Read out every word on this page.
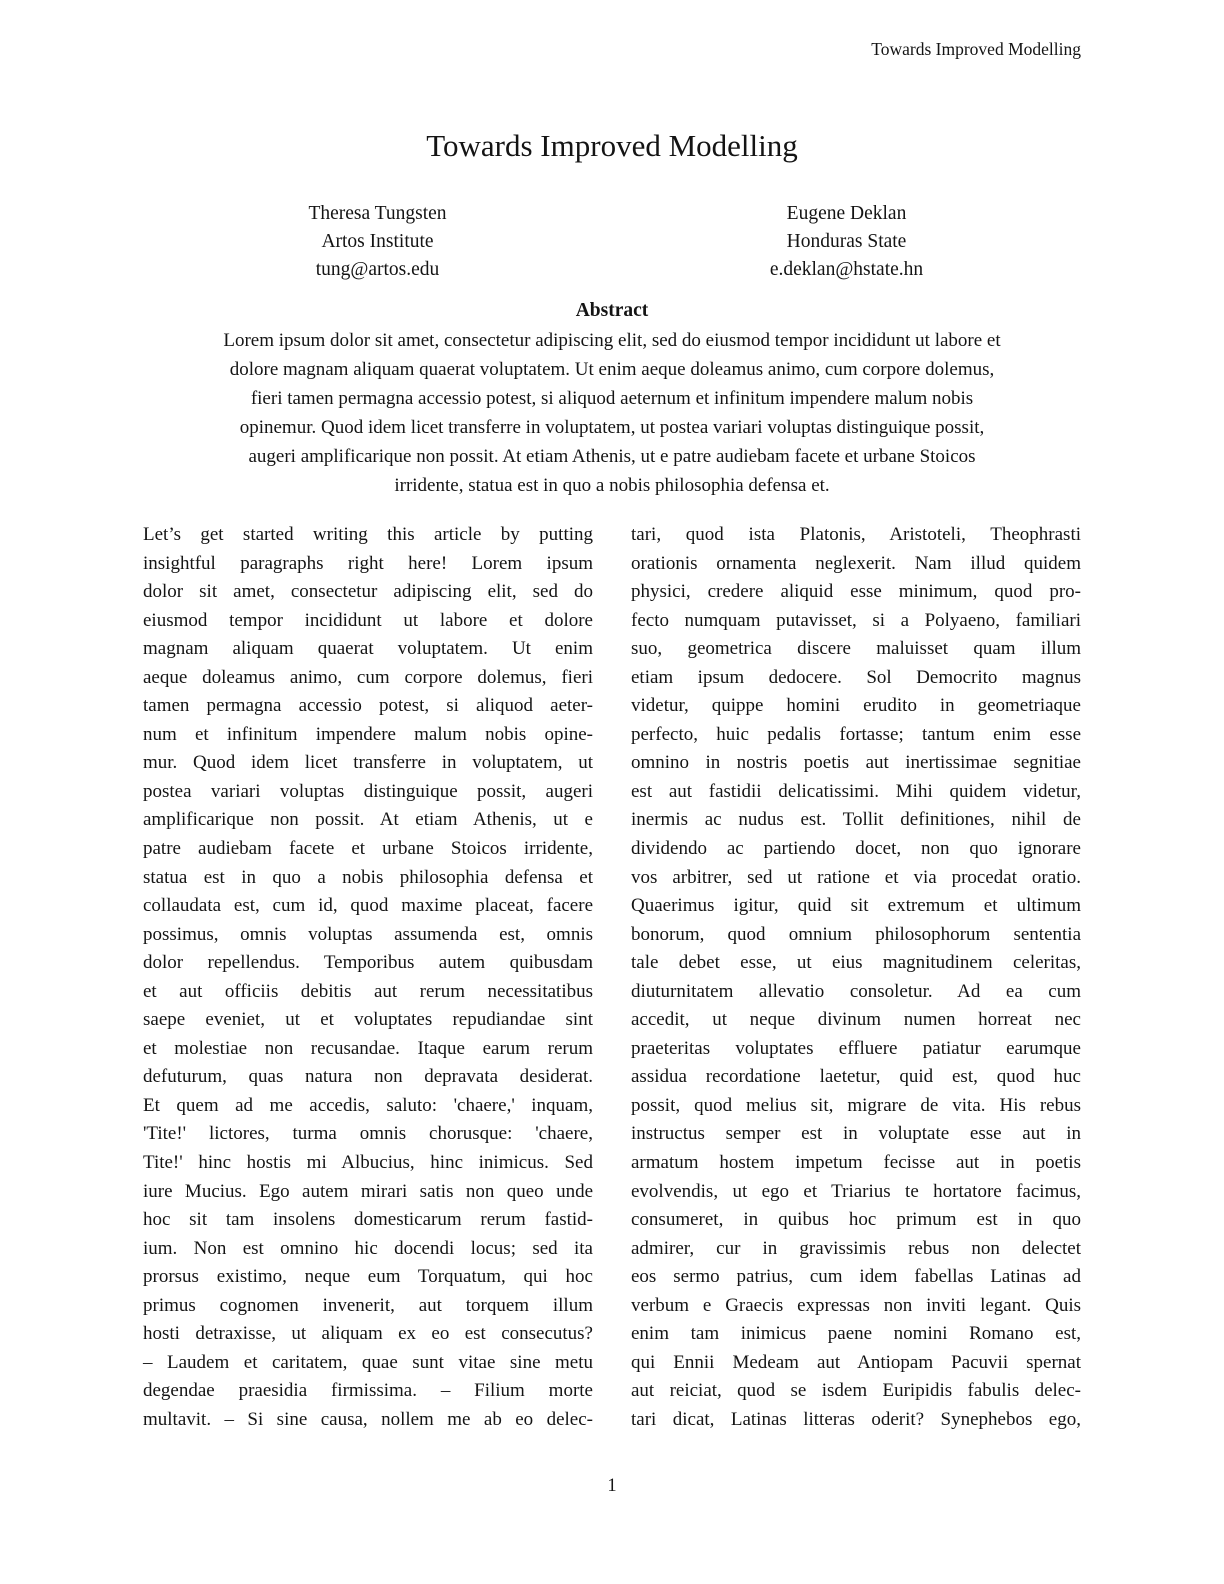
Towards Improved Modelling
Towards Improved Modelling
Theresa Tungsten
Artos Institute
tung@artos.edu
Eugene Deklan
Honduras State
e.deklan@hstate.hn
Abstract
Lorem ipsum dolor sit amet, consectetur adipiscing elit, sed do eiusmod tempor incididunt ut labore et
dolore magnam aliquam quaerat voluptatem. Ut enim aeque doleamus animo, cum corpore dolemus,
fieri tamen permagna accessio potest, si aliquod aeternum et infinitum impendere malum nobis
opinemur. Quod idem licet transferre in voluptatem, ut postea variari voluptas distinguique possit,
augeri amplificarique non possit. At etiam Athenis, ut e patre audiebam facete et urbane Stoicos
irridente, statua est in quo a nobis philosophia defensa et.
Let’s get started writing this article by putting
insightful paragraphs right here! Lorem ipsum
dolor sit amet, consectetur adipiscing elit, sed do
eiusmod tempor incididunt ut labore et dolore
magnam aliquam quaerat voluptatem. Ut enim
aeque doleamus animo, cum corpore dolemus, fieri
tamen permagna accessio potest, si aliquod aeter-
num et infinitum impendere malum nobis opine-
mur. Quod idem licet transferre in voluptatem, ut
postea variari voluptas distinguique possit, augeri
amplificarique non possit. At etiam Athenis, ut e
patre audiebam facete et urbane Stoicos irridente,
statua est in quo a nobis philosophia defensa et
collaudata est, cum id, quod maxime placeat, facere
possimus, omnis voluptas assumenda est, omnis
dolor repellendus. Temporibus autem quibusdam
et aut officiis debitis aut rerum necessitatibus
saepe eveniet, ut et voluptates repudiandae sint
et molestiae non recusandae. Itaque earum rerum
defuturum, quas natura non depravata desiderat.
Et quem ad me accedis, saluto: 'chaere,' inquam,
'Tite!' lictores, turma omnis chorusque: 'chaere,
Tite!' hinc hostis mi Albucius, hinc inimicus. Sed
iure Mucius. Ego autem mirari satis non queo unde
hoc sit tam insolens domesticarum rerum fastid-
ium. Non est omnino hic docendi locus; sed ita
prorsus existimo, neque eum Torquatum, qui hoc
primus cognomen invenerit, aut torquem illum
hosti detraxisse, ut aliquam ex eo est consecutus?
– Laudem et caritatem, quae sunt vitae sine metu
degendae praesidia firmissima. – Filium morte
multavit. – Si sine causa, nollem me ab eo delec-
tari, quod ista Platonis, Aristoteli, Theophrasti
orationis ornamenta neglexerit. Nam illud quidem
physici, credere aliquid esse minimum, quod pro-
fecto numquam putavisset, si a Polyaeno, familiari
suo, geometrica discere maluisset quam illum
etiam ipsum dedocere. Sol Democrito magnus
videtur, quippe homini erudito in geometriaque
perfecto, huic pedalis fortasse; tantum enim esse
omnino in nostris poetis aut inertissimae segnitiae
est aut fastidii delicatissimi. Mihi quidem videtur,
inermis ac nudus est. Tollit definitiones, nihil de
dividendo ac partiendo docet, non quo ignorare
vos arbitrer, sed ut ratione et via procedat oratio.
Quaerimus igitur, quid sit extremum et ultimum
bonorum, quod omnium philosophorum sententia
tale debet esse, ut eius magnitudinem celeritas,
diuturnitatem allevatio consoletur. Ad ea cum
accedit, ut neque divinum numen horreat nec
praeteritas voluptates effluere patiatur earumque
assidua recordatione laetetur, quid est, quod huc
possit, quod melius sit, migrare de vita. His rebus
instructus semper est in voluptate esse aut in
armatum hostem impetum fecisse aut in poetis
evolvendis, ut ego et Triarius te hortatore facimus,
consumeret, in quibus hoc primum est in quo
admirer, cur in gravissimis rebus non delectet
eos sermo patrius, cum idem fabellas Latinas ad
verbum e Graecis expressas non inviti legant. Quis
enim tam inimicus paene nomini Romano est,
qui Ennii Medeam aut Antiopam Pacuvii spernat
aut reiciat, quod se isdem Euripidis fabulis delec-
tari dicat, Latinas litteras oderit? Synephebos ego,
1
